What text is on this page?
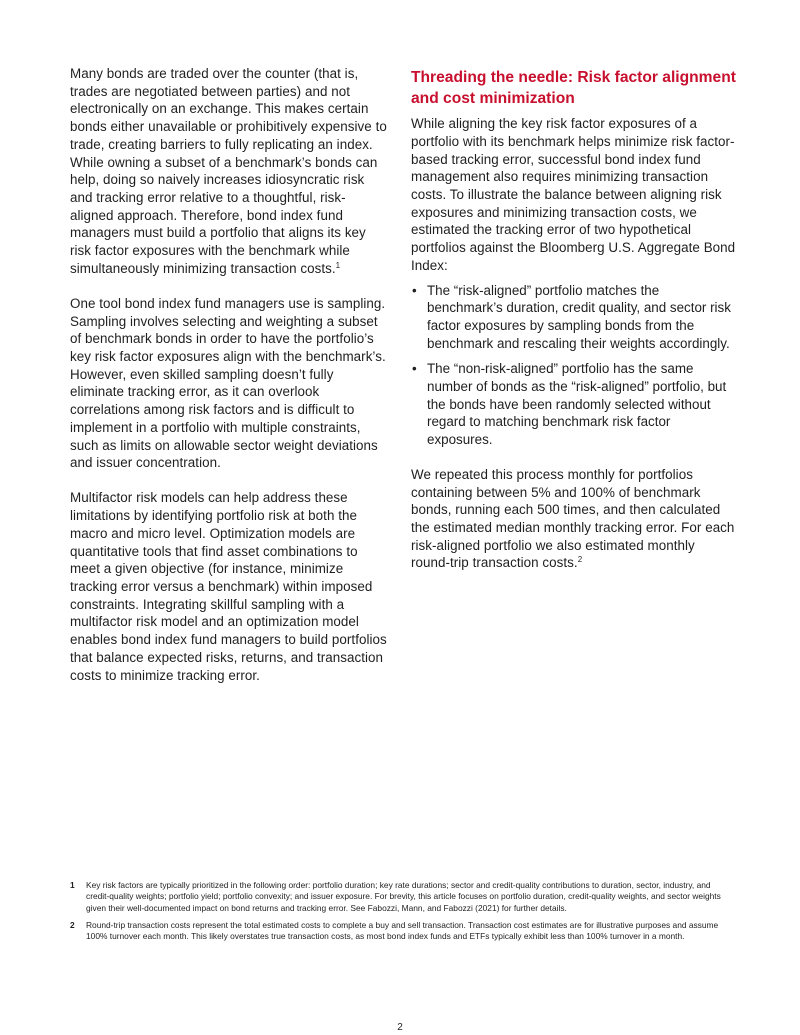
Many bonds are traded over the counter (that is, trades are negotiated between parties) and not electronically on an exchange. This makes certain bonds either unavailable or prohibitively expensive to trade, creating barriers to fully replicating an index. While owning a subset of a benchmark’s bonds can help, doing so naively increases idiosyncratic risk and tracking error relative to a thoughtful, risk-aligned approach. Therefore, bond index fund managers must build a portfolio that aligns its key risk factor exposures with the benchmark while simultaneously minimizing transaction costs.$^1$

One tool bond index fund managers use is sampling. Sampling involves selecting and weighting a subset of benchmark bonds in order to have the portfolio’s key risk factor exposures align with the benchmark’s. However, even skilled sampling doesn’t fully eliminate tracking error, as it can overlook correlations among risk factors and is difficult to implement in a portfolio with multiple constraints, such as limits on allowable sector weight deviations and issuer concentration.

Multifactor risk models can help address these limitations by identifying portfolio risk at both the macro and micro level. Optimization models are quantitative tools that find asset combinations to meet a given objective (for instance, minimize tracking error versus a benchmark) within imposed constraints. Integrating skillful sampling with a multifactor risk model and an optimization model enables bond index fund managers to build portfolios that balance expected risks, returns, and transaction costs to minimize tracking error.

Threading the needle: Risk factor alignment and cost minimization

While aligning the key risk factor exposures of a portfolio with its benchmark helps minimize risk factor-based tracking error, successful bond index fund management also requires minimizing transaction costs. To illustrate the balance between aligning risk exposures and minimizing transaction costs, we estimated the tracking error of two hypothetical portfolios against the Bloomberg U.S. Aggregate Bond Index:

• The “risk-aligned” portfolio matches the benchmark’s duration, credit quality, and sector risk factor exposures by sampling bonds from the benchmark and rescaling their weights accordingly.
• The “non-risk-aligned” portfolio has the same number of bonds as the “risk-aligned” portfolio, but the bonds have been randomly selected without regard to matching benchmark risk factor exposures.

We repeated this process monthly for portfolios containing between 5% and 100% of benchmark bonds, running each 500 times, and then calculated the estimated median monthly tracking error. For each risk-aligned portfolio we also estimated monthly round-trip transaction costs.$^2$

1 Key risk factors are typically prioritized in the following order: portfolio duration; key rate durations; sector and credit-quality contributions to duration, sector, industry, and credit-quality weights; portfolio yield; portfolio convexity; and issuer exposure. For brevity, this article focuses on portfolio duration, credit-quality weights, and sector weights given their well-documented impact on bond returns and tracking error. See Fabozzi, Mann, and Fabozzi (2021) for further details.
2 Round-trip transaction costs represent the total estimated costs to complete a buy and sell transaction. Transaction cost estimates are for illustrative purposes and assume 100% turnover each month. This likely overstates true transaction costs, as most bond index funds and ETFs typically exhibit less than 100% turnover in a month.
2
